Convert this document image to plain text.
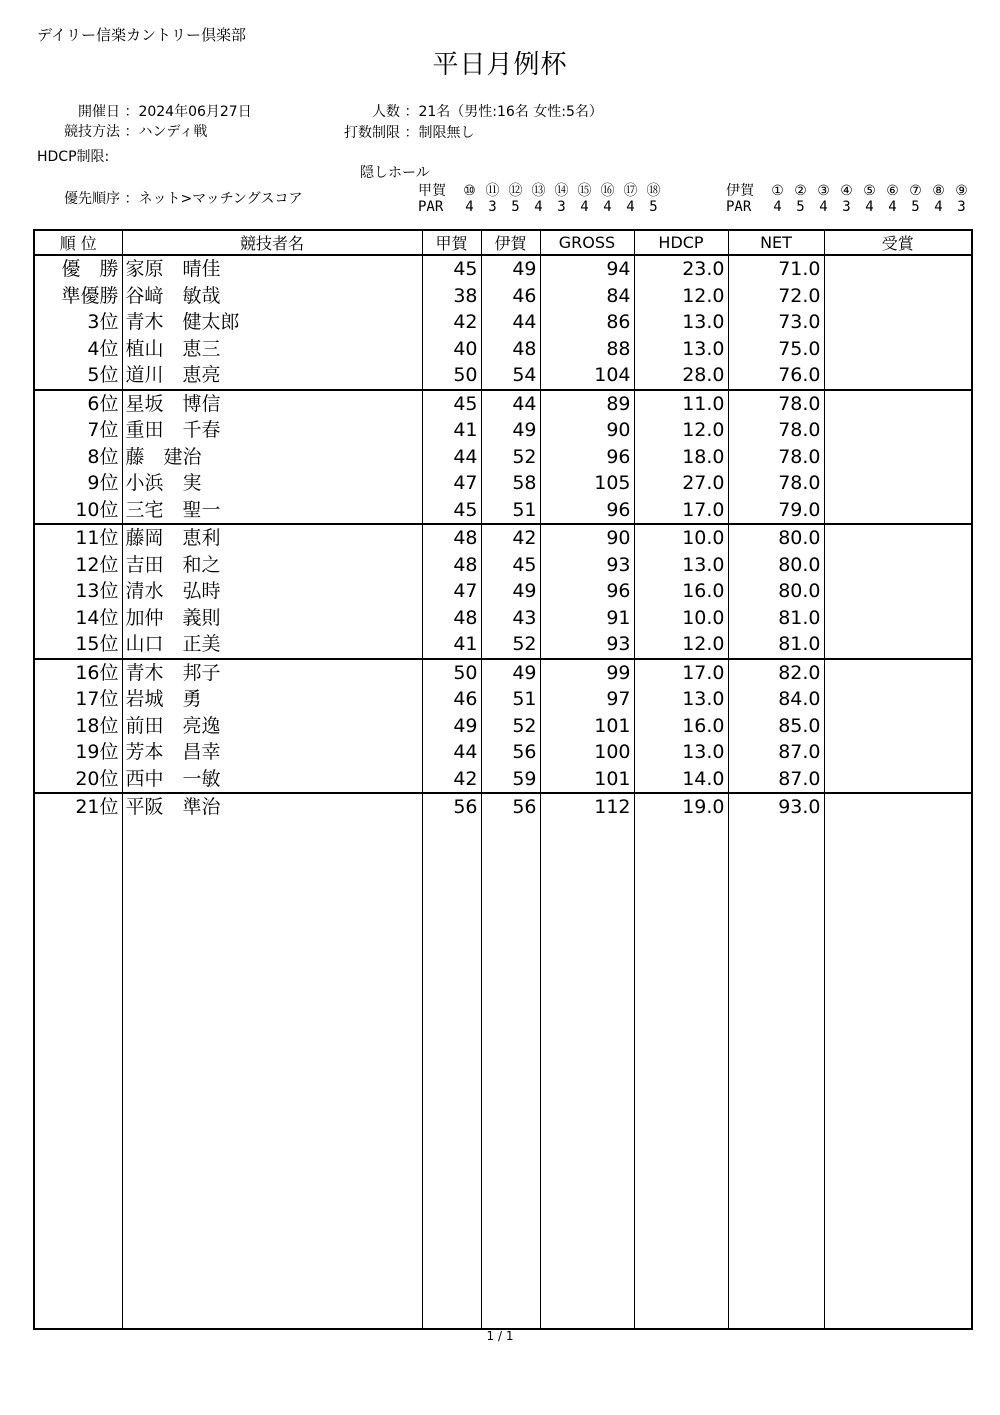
デイリー信楽カントリー倶楽部
平日月例杯
開催日 ：2024年06月27日
競技方法 ：ハンディ戦
HDCP制限:
優先順序 ：ネット>マッチングスコア
人数 ：21名（男性:16名 女性:5名）
打数制限 ：制限無し
隠しホール
甲賀 ⑩ ⑪ ⑫ ⑬ ⑭ ⑮ ⑯ ⑰ ⑱
PAR 4 3 5 4 3 4 4 4 5
伊賀 ① ② ③ ④ ⑤ ⑥ ⑦ ⑧ ⑨
PAR 4 5 4 3 4 4 5 4 3
順 位	競技者名	甲賀	伊賀	GROSS	HDCP	NET	受賞
優　勝	家原　晴佳	45	49	94	23.0	71.0	
準優勝	谷﨑　敏哉	38	46	84	12.0	72.0	
3位	青木　健太郎	42	44	86	13.0	73.0	
4位	植山　恵三	40	48	88	13.0	75.0	
5位	道川　恵亮	50	54	104	28.0	76.0	
6位	星坂　博信	45	44	89	11.0	78.0	
7位	重田　千春	41	49	90	12.0	78.0	
8位	藤　建治	44	52	96	18.0	78.0	
9位	小浜　実	47	58	105	27.0	78.0	
10位	三宅　聖一	45	51	96	17.0	79.0	
11位	藤岡　恵利	48	42	90	10.0	80.0	
12位	吉田　和之	48	45	93	13.0	80.0	
13位	清水　弘時	47	49	96	16.0	80.0	
14位	加仲　義則	48	43	91	10.0	81.0	
15位	山口　正美	41	52	93	12.0	81.0	
16位	青木　邦子	50	49	99	17.0	82.0	
17位	岩城　勇	46	51	97	13.0	84.0	
18位	前田　亮逸	49	52	101	16.0	85.0	
19位	芳本　昌幸	44	56	100	13.0	87.0	
20位	西中　一敏	42	59	101	14.0	87.0	
21位	平阪　準治	56	56	112	19.0	93.0	

1 / 1
